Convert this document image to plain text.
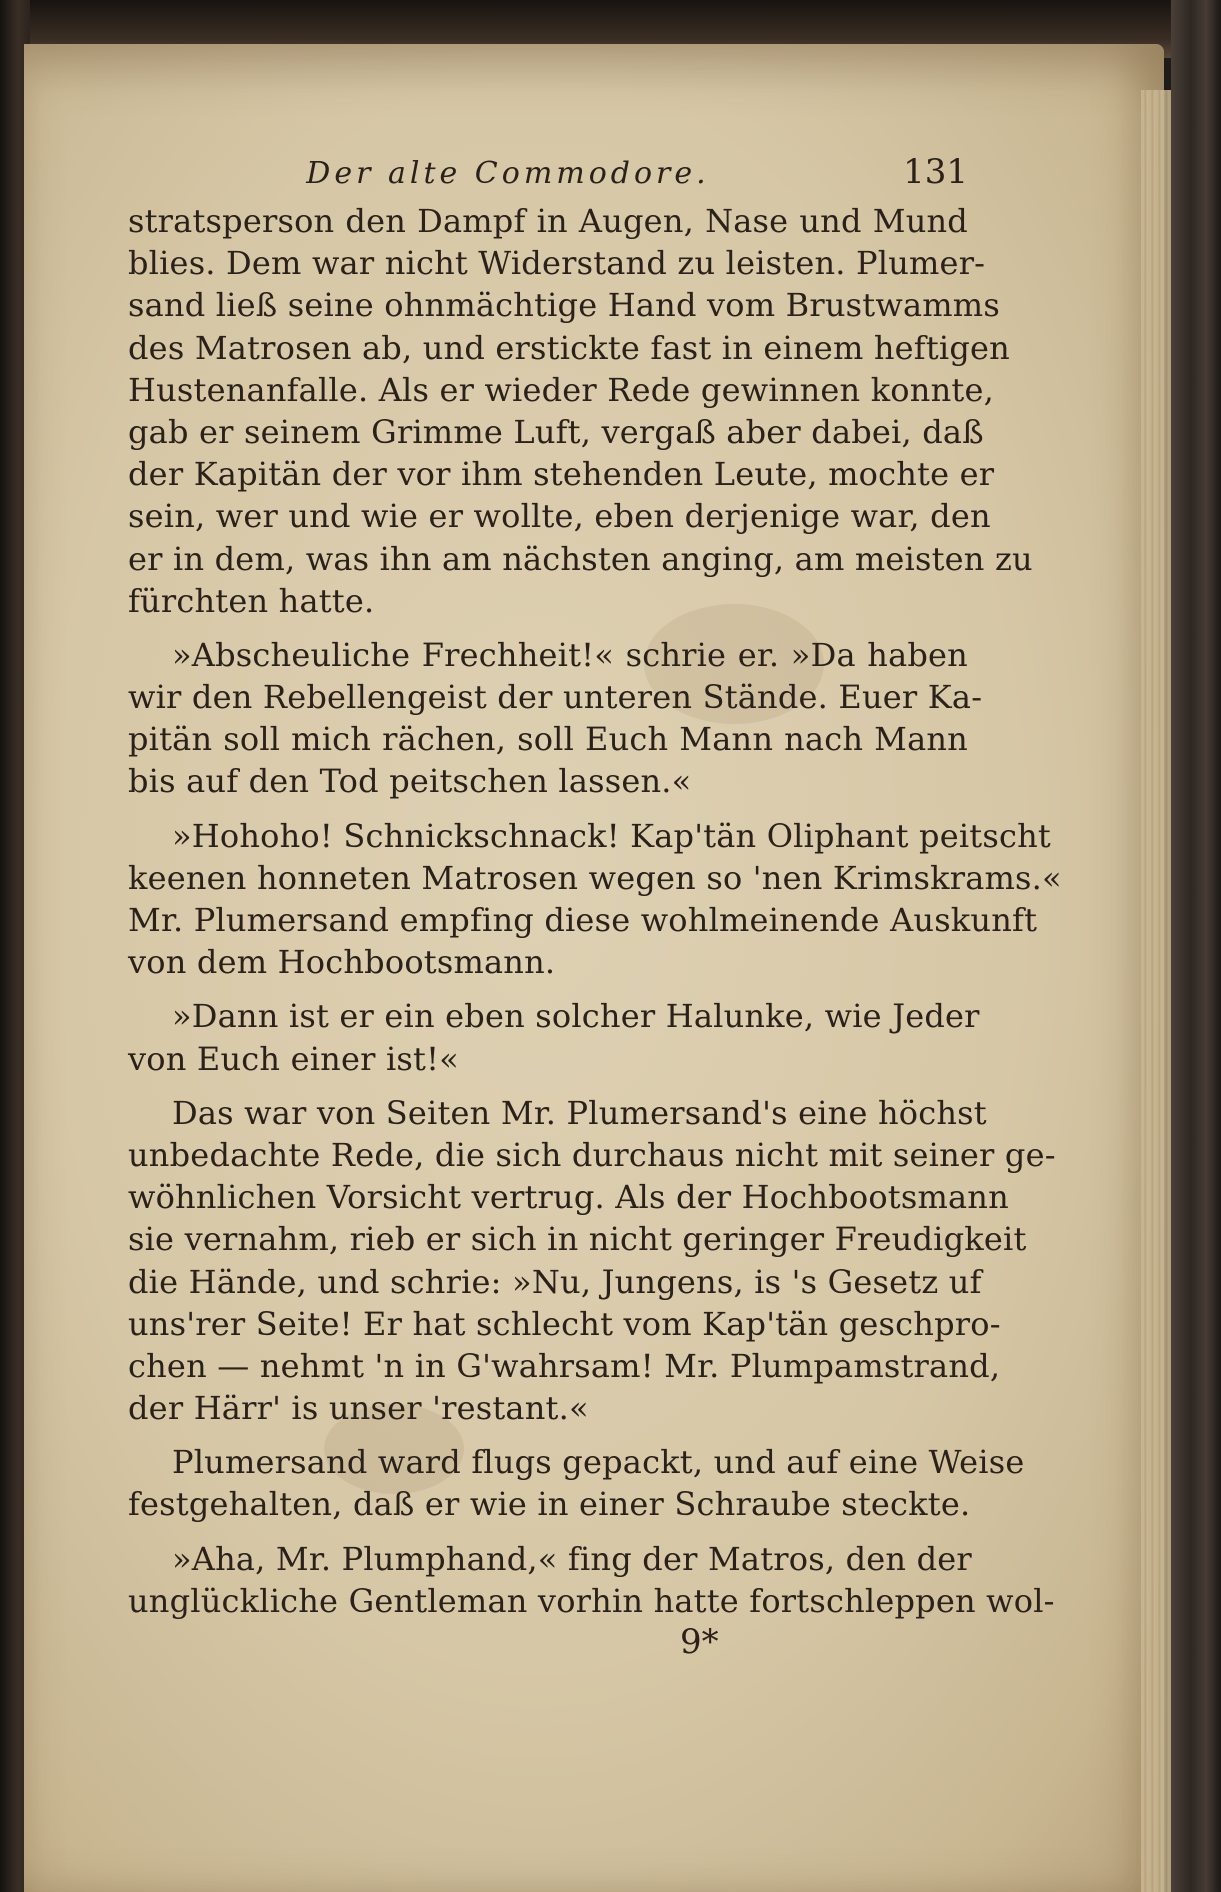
Der alte Commodore.	131
stratsperson den Dampf in Augen, Nase und Mund
blies. Dem war nicht Widerstand zu leisten. Plumer-
sand ließ seine ohnmächtige Hand vom Brustwamms
des Matrosen ab, und erstickte fast in einem heftigen
Hustenanfalle. Als er wieder Rede gewinnen konnte,
gab er seinem Grimme Luft, vergaß aber dabei, daß
der Kapitän der vor ihm stehenden Leute, mochte er
sein, wer und wie er wollte, eben derjenige war, den
er in dem, was ihn am nächsten anging, am meisten zu
fürchten hatte.
»Abscheuliche Frechheit!« schrie er. »Da haben
wir den Rebellengeist der unteren Stände. Euer Ka-
pitän soll mich rächen, soll Euch Mann nach Mann
bis auf den Tod peitschen lassen.«
»Hohoho! Schnickschnack! Kap'tän Oliphant peitscht
keenen honneten Matrosen wegen so 'nen Krimskrams.«
Mr. Plumersand empfing diese wohlmeinende Auskunft
von dem Hochbootsmann.
»Dann ist er ein eben solcher Halunke, wie Jeder
von Euch einer ist!«
Das war von Seiten Mr. Plumersand's eine höchst
unbedachte Rede, die sich durchaus nicht mit seiner ge-
wöhnlichen Vorsicht vertrug. Als der Hochbootsmann
sie vernahm, rieb er sich in nicht geringer Freudigkeit
die Hände, und schrie: »Nu, Jungens, is 's Gesetz uf
uns'rer Seite! Er hat schlecht vom Kap'tän geschpro-
chen — nehmt 'n in G'wahrsam! Mr. Plumpamstrand,
der Härr' is unser 'restant.«
Plumersand ward flugs gepackt, und auf eine Weise
festgehalten, daß er wie in einer Schraube steckte.
»Aha, Mr. Plumphand,« fing der Matros, den der
unglückliche Gentleman vorhin hatte fortschleppen wol-
9*
